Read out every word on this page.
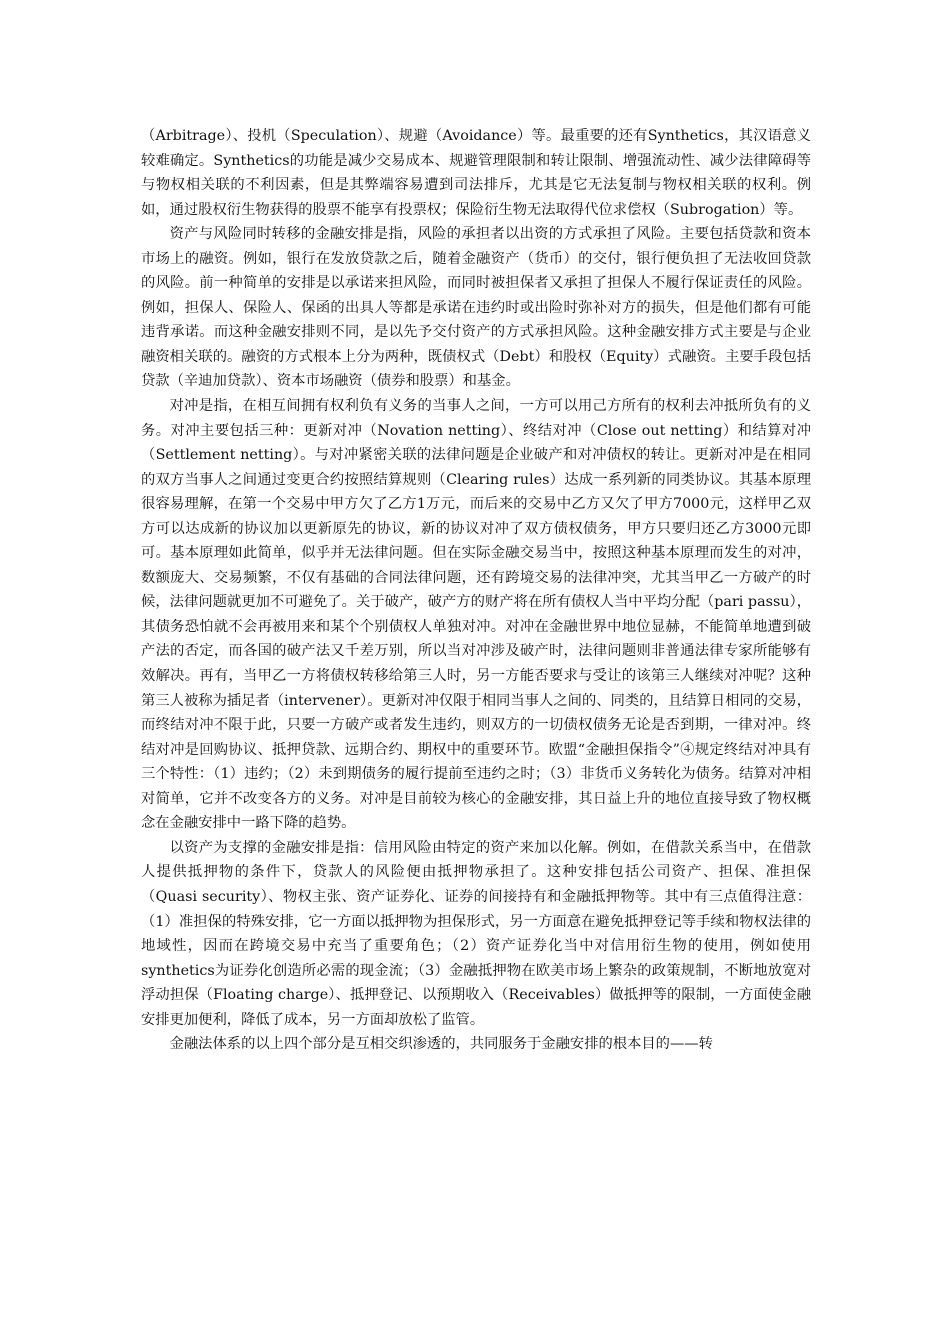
（Arbitrage）、投机（Speculation）、规避（Avoidance）等。最重要的还有Synthetics，其汉语意义较难确定。Synthetics的功能是减少交易成本、规避管理限制和转让限制、增强流动性、减少法律障碍等与物权相关联的不利因素，但是其弊端容易遭到司法排斥，尤其是它无法复制与物权相关联的权利。例如，通过股权衍生物获得的股票不能享有投票权；保险衍生物无法取得代位求偿权（Subrogation）等。

资产与风险同时转移的金融安排是指，风险的承担者以出资的方式承担了风险。主要包括贷款和资本市场上的融资。例如，银行在发放贷款之后，随着金融资产（货币）的交付，银行便负担了无法收回贷款的风险。前一种简单的安排是以承诺来担风险，而同时被担保者又承担了担保人不履行保证责任的风险。例如，担保人、保险人、保函的出具人等都是承诺在违约时或出险时弥补对方的损失，但是他们都有可能违背承诺。而这种金融安排则不同，是以先予交付资产的方式承担风险。这种金融安排方式主要是与企业融资相关联的。融资的方式根本上分为两种，既债权式（Debt）和股权（Equity）式融资。主要手段包括贷款（辛迪加贷款）、资本市场融资（债券和股票）和基金。

对冲是指，在相互间拥有权利负有义务的当事人之间，一方可以用己方所有的权利去冲抵所负有的义务。对冲主要包括三种：更新对冲（Novation netting）、终结对冲（Close out netting）和结算对冲（Settlement netting）。与对冲紧密关联的法律问题是企业破产和对冲债权的转让。更新对冲是在相同的双方当事人之间通过变更合约按照结算规则（Clearing rules）达成一系列新的同类协议。其基本原理很容易理解，在第一个交易中甲方欠了乙方1万元，而后来的交易中乙方又欠了甲方7000元，这样甲乙双方可以达成新的协议加以更新原先的协议，新的协议对冲了双方债权债务，甲方只要归还乙方3000元即可。基本原理如此简单，似乎并无法律问题。但在实际金融交易当中，按照这种基本原理而发生的对冲，数额庞大、交易频繁，不仅有基础的合同法律问题，还有跨境交易的法律冲突，尤其当甲乙一方破产的时候，法律问题就更加不可避免了。关于破产，破产方的财产将在所有债权人当中平均分配（pari passu），其债务恐怕就不会再被用来和某个个别债权人单独对冲。对冲在金融世界中地位显赫，不能简单地遭到破产法的否定，而各国的破产法又千差万别，所以当对冲涉及破产时，法律问题则非普通法律专家所能够有效解决。再有，当甲乙一方将债权转移给第三人时，另一方能否要求与受让的该第三人继续对冲呢？这种第三人被称为插足者（intervener）。更新对冲仅限于相同当事人之间的、同类的，且结算日相同的交易，而终结对冲不限于此，只要一方破产或者发生违约，则双方的一切债权债务无论是否到期，一律对冲。终结对冲是回购协议、抵押贷款、远期合约、期权中的重要环节。欧盟“金融担保指令”④规定终结对冲具有三个特性：（1）违约；（2）未到期债务的履行提前至违约之时；（3）非货币义务转化为债务。结算对冲相对简单，它并不改变各方的义务。对冲是目前较为核心的金融安排，其日益上升的地位直接导致了物权概念在金融安排中一路下降的趋势。

以资产为支撑的金融安排是指：信用风险由特定的资产来加以化解。例如，在借款关系当中，在借款人提供抵押物的条件下，贷款人的风险便由抵押物承担了。这种安排包括公司资产、担保、准担保（Quasi security）、物权主张、资产证券化、证券的间接持有和金融抵押物等。其中有三点值得注意：（1）准担保的特殊安排，它一方面以抵押物为担保形式，另一方面意在避免抵押登记等手续和物权法律的地域性，因而在跨境交易中充当了重要角色；（2）资产证券化当中对信用衍生物的使用，例如使用synthetics为证券化创造所必需的现金流；（3）金融抵押物在欧美市场上繁杂的政策规制，不断地放宽对浮动担保（Floating charge）、抵押登记、以预期收入（Receivables）做抵押等的限制，一方面使金融安排更加便利，降低了成本，另一方面却放松了监管。

金融法体系的以上四个部分是互相交织渗透的，共同服务于金融安排的根本目的——转
